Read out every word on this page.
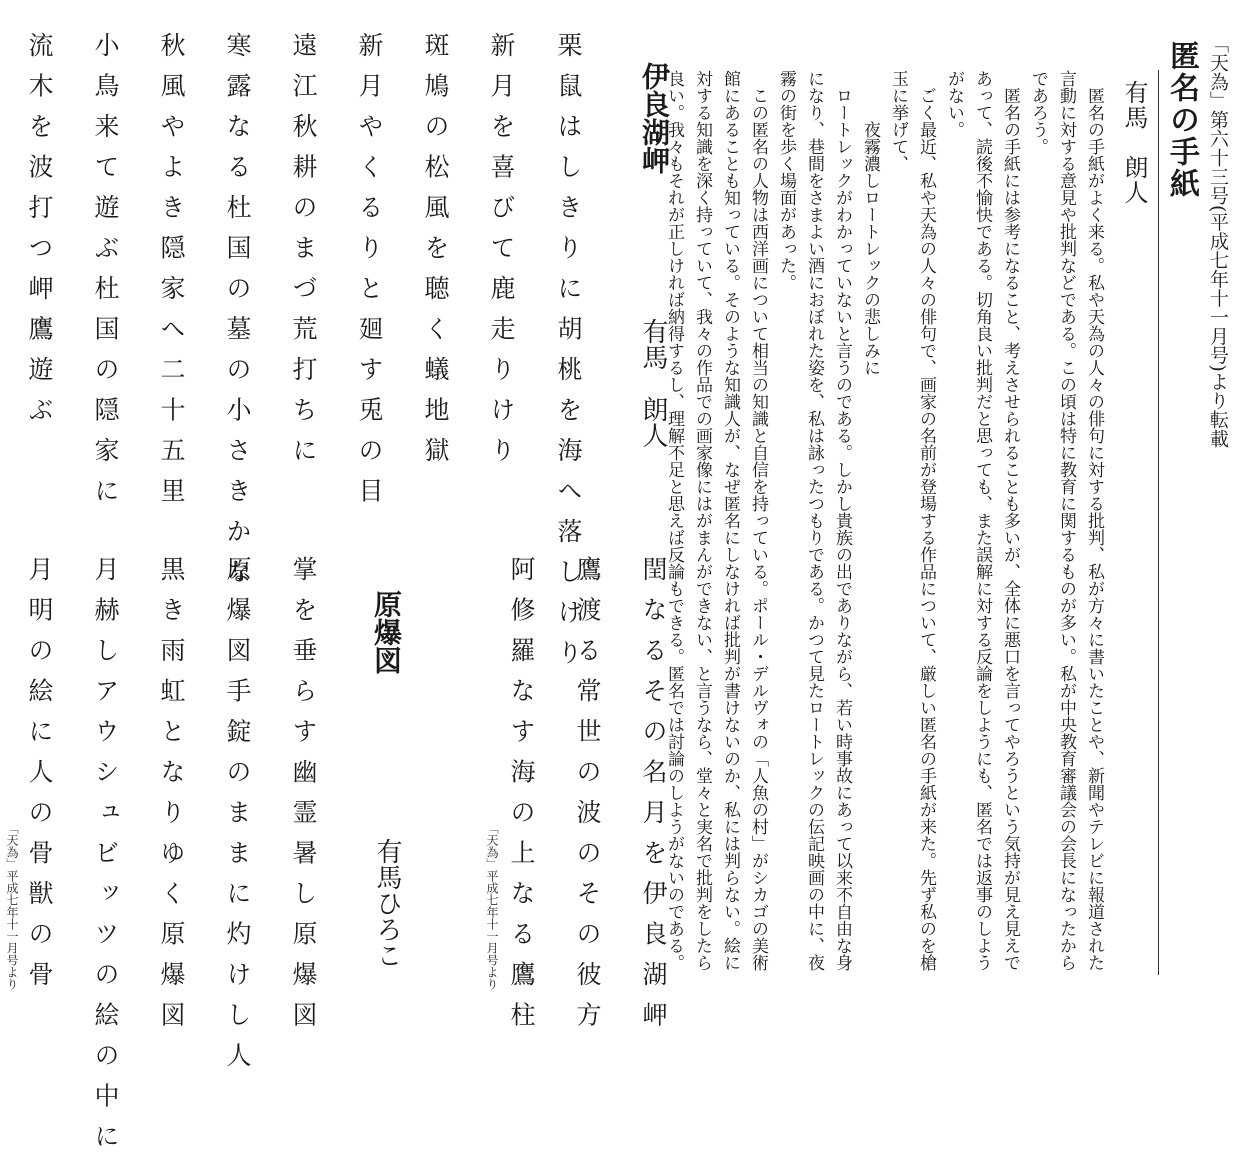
「天為」第六十三号(平成七年十一月号)より転載
匿名の手紙
有馬　朗人

匿名の手紙がよく来る。私や天為の人々の俳句に対する批判、私が方々に書いたことや、新聞やテレビに報道された言動に対する意見や批判などである。この頃は特に教育に関するものが多い。私が中央教育審議会の会長になったからであろう。

匿名の手紙には参考になること、考えさせられることも多いが、全体に悪口を言ってやろうという気持が見え見えであって、読後不愉快である。切角良い批判だと思っても、また誤解に対する反論をしようにも、匿名では返事のしようがない。

ごく最近、私や天為の人々の俳句で、画家の名前が登場する作品について、厳しい匿名の手紙が来た。先ず私のを槍玉に挙げて、

夜霧濃しロートレックの悲しみに

ロートレックがわかっていないと言うのである。しかし貴族の出でありながら、若い時事故にあって以来不自由な身になり、巷間をさまよい酒におぼれた姿を、私は詠ったつもりである。かつて見たロートレックの伝記映画の中に、夜霧の街を歩く場面があった。

この匿名の人物は西洋画について相当の知識と自信を持っている。ポール・デルヴォの「人魚の村」がシカゴの美術館にあることも知っている。そのような知識人が、なぜ匿名にしなければ批判が書けないのか、私には判らない。絵に対する知識を深く持っていて、我々の作品での画家像にはがまんができない、と言うなら、堂々と実名で批判をしたら良い。我々もそれが正しければ納得するし、理解不足と思えば反論もできる。匿名では討論のしようがないのである。

伊良湖岬
有馬　朗人
栗鼠はしきりに胡桃を海へ落しけり
新月を喜びて鹿走りけり
斑鳩の松風を聴く蟻地獄
新月やくるりと廻す兎の目
遠江秋耕のまづ荒打ちに
寒露なる杜国の墓の小さきかな
秋風やよき隠家へ二十五里
小鳥来て遊ぶ杜国の隠家に
流木を波打つ岬鷹遊ぶ
閏なるその名月を伊良湖岬
鷹渡る常世の波のその彼方
阿修羅なす海の上なる鷹柱
「天為」平成七年十一月号より
原爆図
有馬ひろこ
掌を垂らす幽霊暑し原爆図
原爆図手錠のままに灼けし人
黒き雨虹となりゆく原爆図
月赫しアウシュビッツの絵の中に
月明の絵に人の骨獣の骨
「天為」平成七年十一月号より
